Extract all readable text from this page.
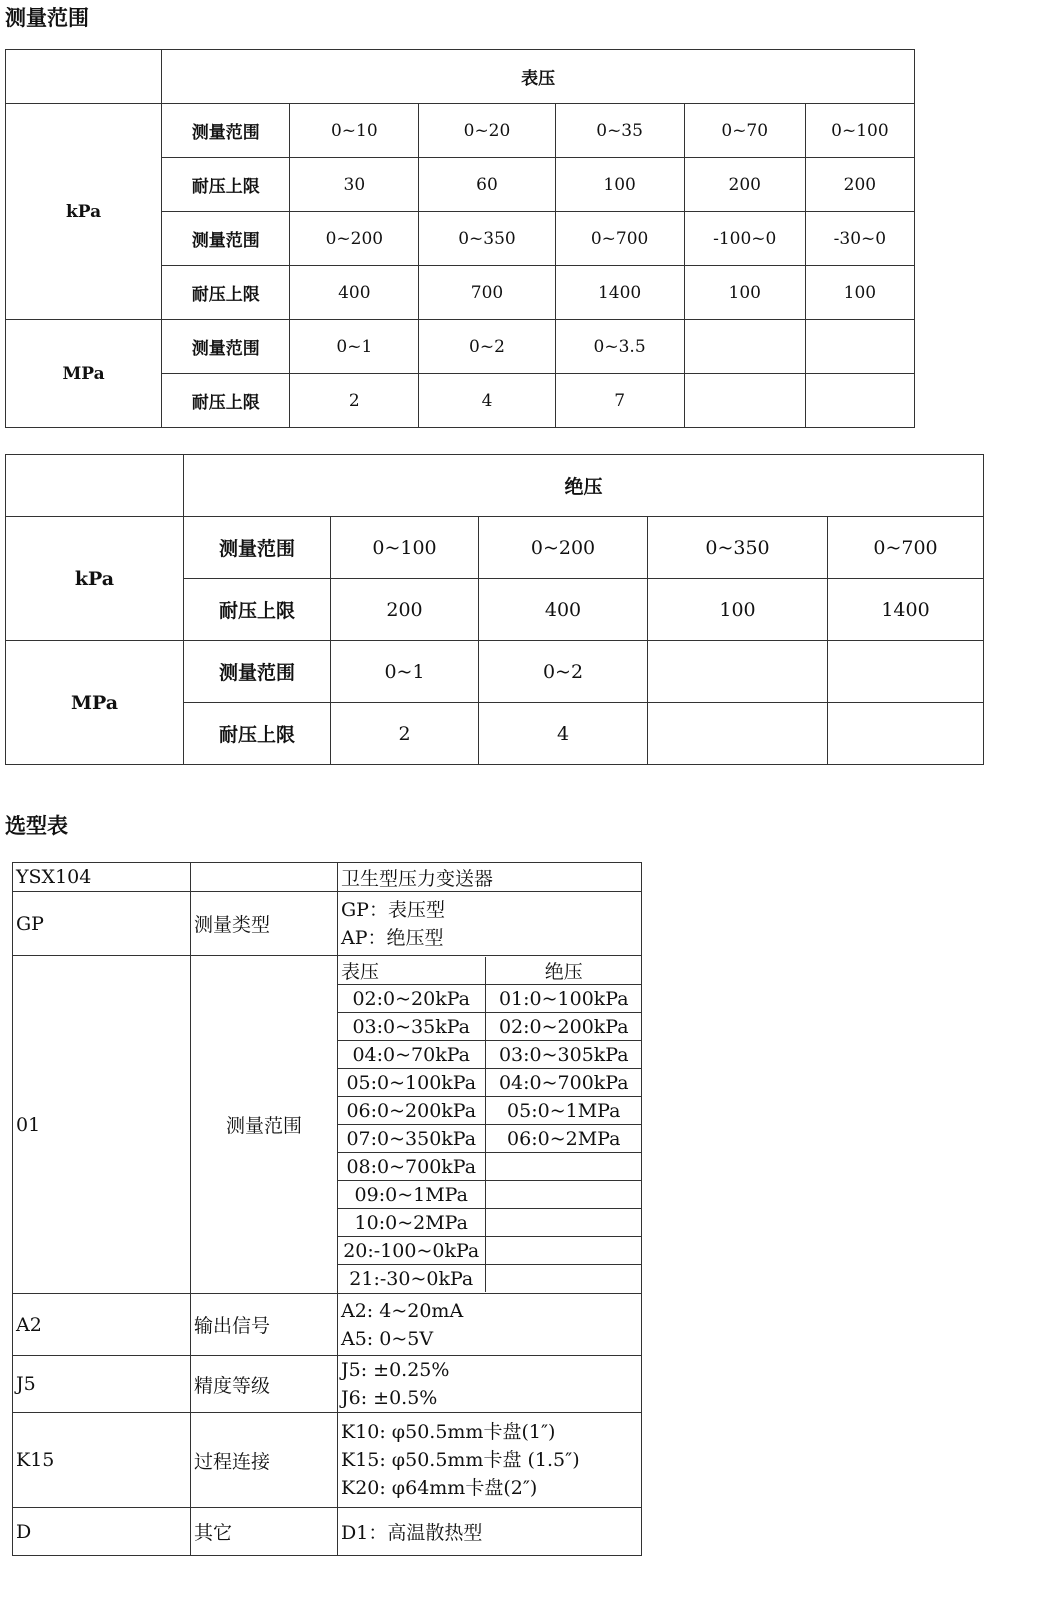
测量范围
	表压					
kPa	测量范围	0~10	0~20	0~35	0~70	0~100
	耐压上限	30	60	100	200	200
	测量范围	0~200	0~350	0~700	-100~0	-30~0
	耐压上限	400	700	1400	100	100
MPa	测量范围	0~1	0~2	0~3.5		
	耐压上限	2	4	7		
	绝压				
kPa	测量范围	0~100	0~200	0~350	0~700
	耐压上限	200	400	100	1400
MPa	测量范围	0~1	0~2		
	耐压上限	2	4		
选型表
YSX104		卫生型压力变送器
GP	测量类型	
GP：表压型
AP：绝压型

01	测量范围	
表压	绝压
02:0~20kPa	01:0~100kPa
03:0~35kPa	02:0~200kPa
04:0~70kPa	03:0~305kPa
05:0~100kPa	04:0~700kPa
06:0~200kPa	05:0~1MPa
07:0~350kPa	06:0~2MPa
08:0~700kPa	
09:0~1MPa	
10:0~2MPa	
20:-100~0kPa	
21:-30~0kPa	

A2	输出信号	
A2: 4~20mA
A5: 0~5V

J5	精度等级	
J5: ±0.25%
J6: ±0.5%

K15	过程连接	
K10: φ50.5mm卡盘(1″)
K15: φ50.5mm卡盘 (1.5″)
K20: φ64mm卡盘(2″)

D	其它	D1：高温散热型
